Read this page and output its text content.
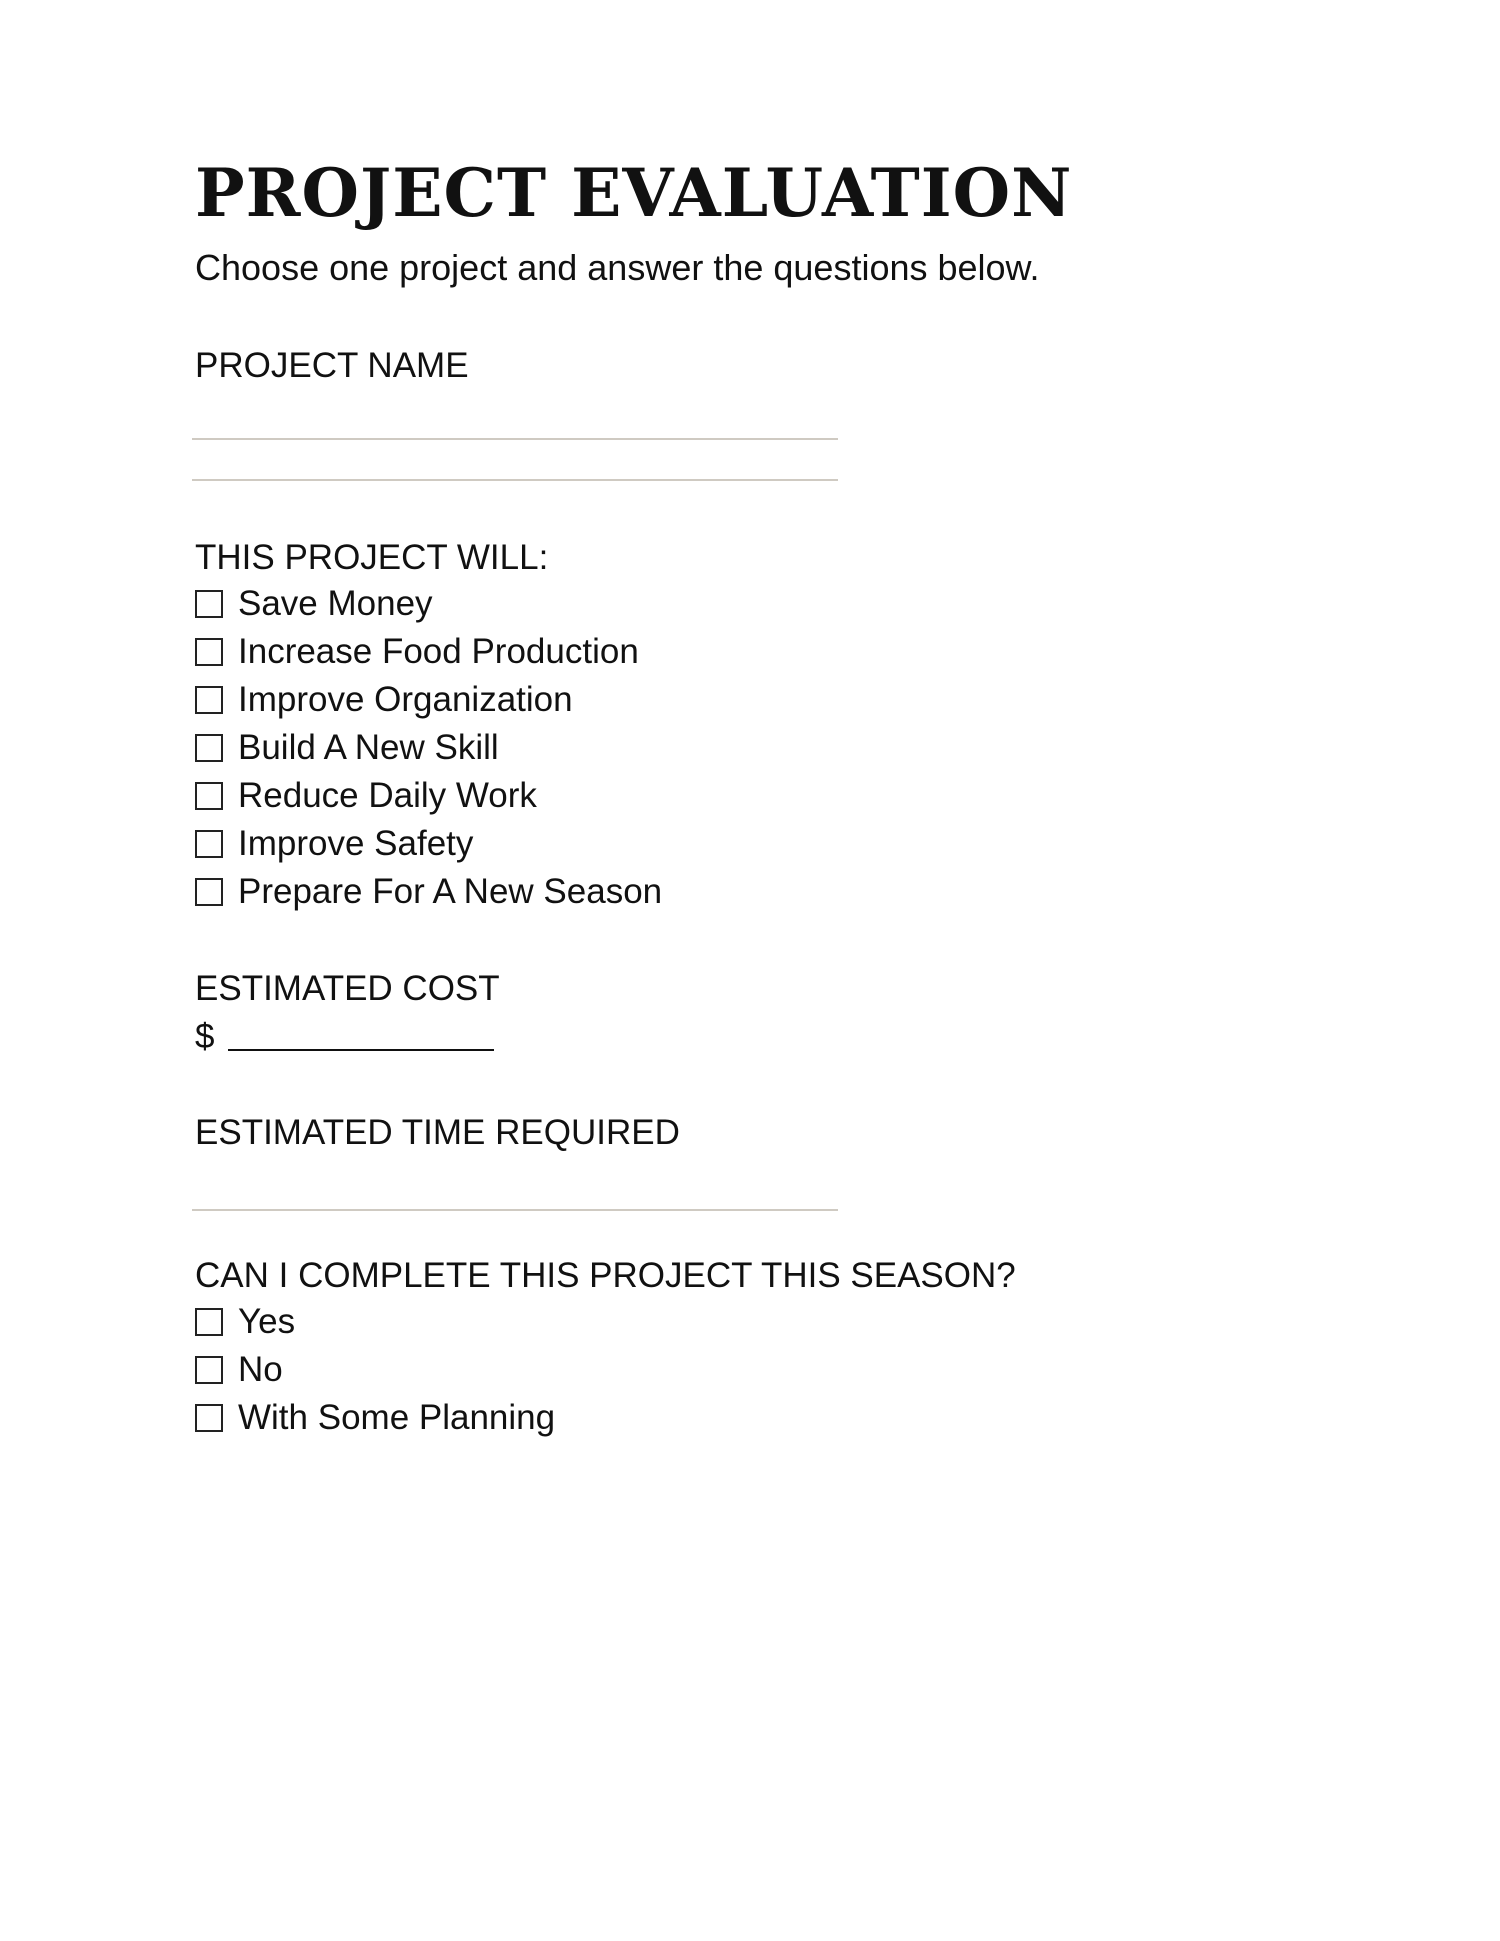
PROJECT EVALUATION
Choose one project and answer the questions below.
PROJECT NAME
THIS PROJECT WILL:
Save Money
Increase Food Production
Improve Organization
Build A New Skill
Reduce Daily Work
Improve Safety
Prepare For A New Season
ESTIMATED COST
$
ESTIMATED TIME REQUIRED
CAN I COMPLETE THIS PROJECT THIS SEASON?
Yes
No
With Some Planning
